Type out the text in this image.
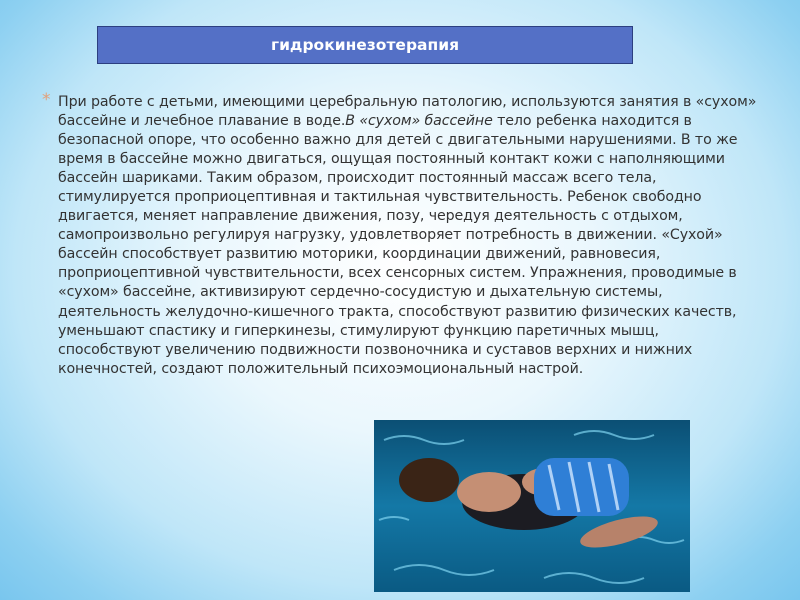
гидрокинезотерапия
* При работе с детьми, имеющими церебральную патологию, используются занятия в «сухом» бассейне и лечебное плавание в воде.В «сухом» бассейне тело ребенка находится в безопасной опоре, что особенно важно для детей с двигательными нарушениями. В то же время в бассейне можно двигаться, ощущая постоянный контакт кожи с наполняющими бассейн шариками. Таким образом, происходит постоянный массаж всего тела, стимулируется проприоцептивная и тактильная чувствительность. Ребенок свободно двигается, меняет направление движения, позу, чередуя деятельность с отдыхом, самопроизвольно регулируя нагрузку, удовлетворяет потребность в движении. «Сухой» бассейн способствует развитию моторики, координации движений, равновесия, проприоцептивной чувствительности, всех сенсорных систем. Упражнения, проводимые в «сухом» бассейне, активизируют сердечно-сосудистую и дыхательную системы, деятельность желудочно-кишечного тракта, способствуют развитию физических качеств, уменьшают спастику и гиперкинезы, стимулируют функцию паретичных мышц, способствуют увеличению подвижности позвоночника и суставов верхних и нижних конечностей, создают положительный психоэмоциональный настрой.
